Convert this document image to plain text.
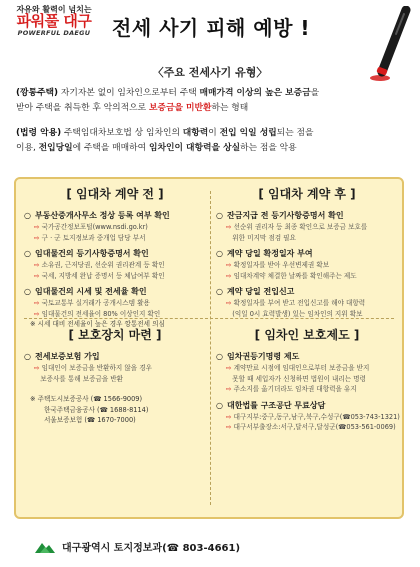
자유와 활력이 넘치는
파워풀 대구
POWERFUL DAEGU	전세 사기 피해 예방 !
〈주요 전세사기 유형〉
(깡통주택) 자기자본 없이 임차인으로부터 주택 매매가격 이상의 높은 보증금을
받아 주택을 취득한 후 악의적으로 보증금을 미반환하는 형태
(법령 악용) 주택임대차보호법 상 임차인의 대항력이 전입 익일 성립되는 점을
이용, 전입당일에 주택을 매매하여 임차인이 대항력을 상실하는 점을 악용
[ 임대차 계약 전 ]
○ 부동산중개사무소 정상 등록 여부 확인
⇨ 국가공간정보포털(www.nsdi.go.kr)
⇨ 구 · 군 토지정보과 중개업 담당 부서
○ 임대물건의 등기사항증명서 확인
⇨ 소유권, 근저당권, 선순위 권리관계 등 확인
⇨ 국세, 지방세 완납 증명서 등 체납여부 확인
○ 임대물건의 시세 및 전세율 확인
⇨ 국토교통부 실거래가 공개시스템 활용
⇨ 임대물건의 전세율이 80% 이상인지 확인
※ 시세 대비 전세율이 높은 경우 깡통전세 의심
[ 임대차 계약 후 ]
○ 잔금지급 전 등기사항증명서 확인
⇨ 선순위 권리자 등 최종 확인으로 보증금 보호를
위한 미지막 점검 필요
○ 계약 당일 확정일자 부여
⇨ 확정일자를 받아 우선변제권 확보
⇨ 임대차계약 체결한 날짜를 확인해주는 제도
○ 계약 당일 전입신고
⇨ 확정일자를 부여 받고 전입신고를 해야 대항력
(익일 0시 효력발생) 있는 임차인의 지위 확보
[ 보호장치 마련 ]
○ 전세보증보험 가입
⇨ 임대인이 보증금을 반환하지 않을 경우
보증사를 통해 보증금을 반환
※ 주택도시보증공사 (☎ 1566-9009)
한국주택금융공사 (☎ 1688-8114)
서울보증보험 (☎ 1670-7000)
[ 임차인 보호제도 ]
○ 임차권등기명령 제도
⇨ 계약만료 시점에 임대인으로부터 보증금을 받지
못할 때 세입자가 신청하면 법원이 내리는 명령
⇨ 주소지를 옮기더라도 임차권 대항력을 유지
○ 대한법률 구조공단 무료상담
⇨ 대구지부:중구,동구,남구,북구,수성구(☎053-743-1321)
⇨ 대구서부출장소:서구,달서구,달성군(☎053-561-0069)
대구광역시 토지정보과(☎ 803-4661)
